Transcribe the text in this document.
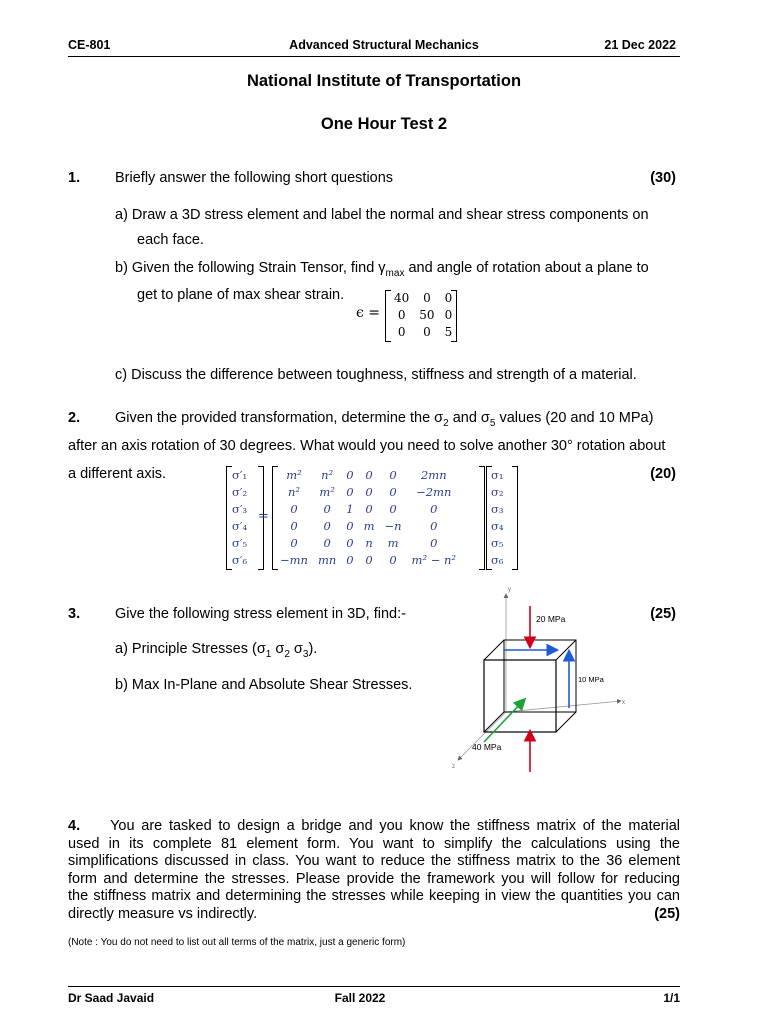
CE-801	Advanced Structural Mechanics	21 Dec 2022
National Institute of Transportation
One Hour Test 2
1. Briefly answer the following short questions	(30)
a) Draw a 3D stress element and label the normal and shear stress components on
each face.
b) Given the following Strain Tensor, find $\gamma_{max}$ and angle of rotation about a plane to
get to plane of max shear strain.
ϵ =
40	0	0
0	50	0
0	0	5
c) Discuss the difference between toughness, stiffness and strength of a material.
2. Given the provided transformation, determine the $\sigma_2$ and $\sigma_5$ values (20 and 10 MPa)
after an axis rotation of 30 degrees. What would you need to solve another 30° rotation about
a different axis.	(20)
σ′₁
σ′₂
σ′₃
σ′₄
σ′₅
σ′₆
=
m²	n²	0	0	0	2mn
n²	m²	0	0	0	−2mn
0	0	1	0	0	0
0	0	0	m	−n	0
0	0	0	n	m	0
−mn	mn	0	0	0	m² − n²
σ₁
σ₂
σ₃
σ₄
σ₅
σ₆
3. Give the following stress element in 3D, find:-	(25)
a) Principle Stresses ($\sigma_1$ $\sigma_2$ $\sigma_3$).
b) Max In-Plane and Absolute Shear Stresses.
20 MPa
10 MPa
40 MPa
x
y
z
4. You are tasked to design a bridge and you know the stiffness matrix of the material
used in its complete 81 element form. You want to simplify the calculations using the
simplifications discussed in class. You want to reduce the stiffness matrix to the 36 element
form and determine the stresses. Please provide the framework you will follow for reducing
the stiffness matrix and determining the stresses while keeping in view the quantities you can
directly measure vs indirectly.	(25)
(Note : You do not need to list out all terms of the matrix, just a generic form)
Dr Saad Javaid	Fall 2022	1/1
